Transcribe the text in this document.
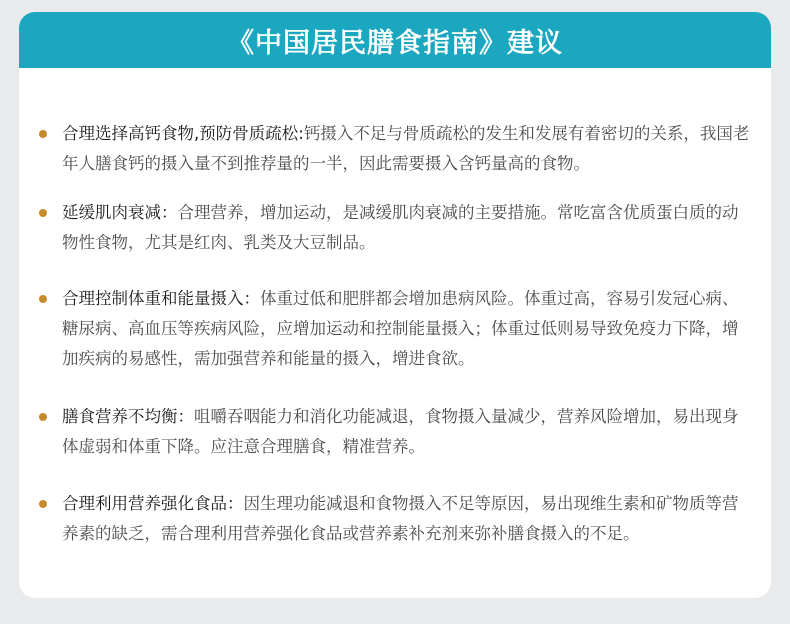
《中国居民膳食指南》建议
合理选择高钙食物,预防骨质疏松:钙摄入不足与骨质疏松的发生和发展有着密切的关系，我国老年人膳食钙的摄入量不到推荐量的一半，因此需要摄入含钙量高的食物。
延缓肌肉衰减：合理营养，增加运动，是减缓肌肉衰减的主要措施。常吃富含优质蛋白质的动物性食物，尤其是红肉、乳类及大豆制品。
合理控制体重和能量摄入：体重过低和肥胖都会增加患病风险。体重过高，容易引发冠心病、糖尿病、高血压等疾病风险，应增加运动和控制能量摄入；体重过低则易导致免疫力下降，增加疾病的易感性，需加强营养和能量的摄入，增进食欲。
膳食营养不均衡：咀嚼吞咽能力和消化功能减退，食物摄入量减少，营养风险增加，易出现身体虚弱和体重下降。应注意合理膳食，精准营养。
合理利用营养强化食品：因生理功能减退和食物摄入不足等原因，易出现维生素和矿物质等营养素的缺乏，需合理利用营养强化食品或营养素补充剂来弥补膳食摄入的不足。
